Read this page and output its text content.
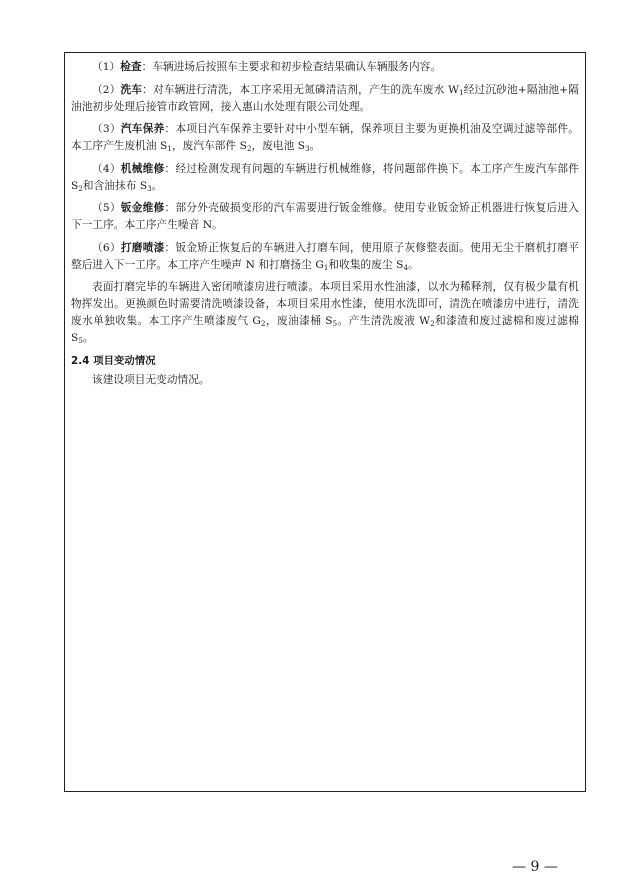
（1）检查：车辆进场后按照车主要求和初步检查结果确认车辆服务内容。

（2）洗车：对车辆进行清洗，本工序采用无氮磷清洁剂，产生的洗车废水 $W_1$经过沉砂池+隔油池+隔油池初步处理后接管市政管网，接入惠山水处理有限公司处理。

（3）汽车保养：本项目汽车保养主要针对中小型车辆，保养项目主要为更换机油及空调过滤等部件。本工序产生废机油 $S_1$，废汽车部件 $S_2$，废电池 $S_3$。

（4）机械维修：经过检测发现有问题的车辆进行机械维修，将问题部件换下。本工序产生废汽车部件 $S_2$和含油抹布 $S_3$。

（5）钣金维修：部分外壳破损变形的汽车需要进行钣金维修。使用专业钣金矫正机器进行恢复后进入下一工序。本工序产生噪音 N。

（6）打磨喷漆：钣金矫正恢复后的车辆进入打磨车间，使用原子灰修整表面。使用无尘干磨机打磨平整后进入下一工序。本工序产生噪声 N 和打磨扬尘 $G_1$和收集的废尘 $S_4$。

表面打磨完毕的车辆进入密闭喷漆房进行喷漆。本项目采用水性油漆，以水为稀释剂，仅有极少量有机物挥发出。更换颜色时需要清洗喷漆设备，本项目采用水性漆，使用水洗即可，清洗在喷漆房中进行，清洗废水单独收集。本工序产生喷漆废气 $G_2$，废油漆桶 $S_5$。产生清洗废液 $W_2$和漆渣和废过滤棉和废过滤棉 $S_5$。

2.4 项目变动情况

该建设项目无变动情况。

— 9 —
